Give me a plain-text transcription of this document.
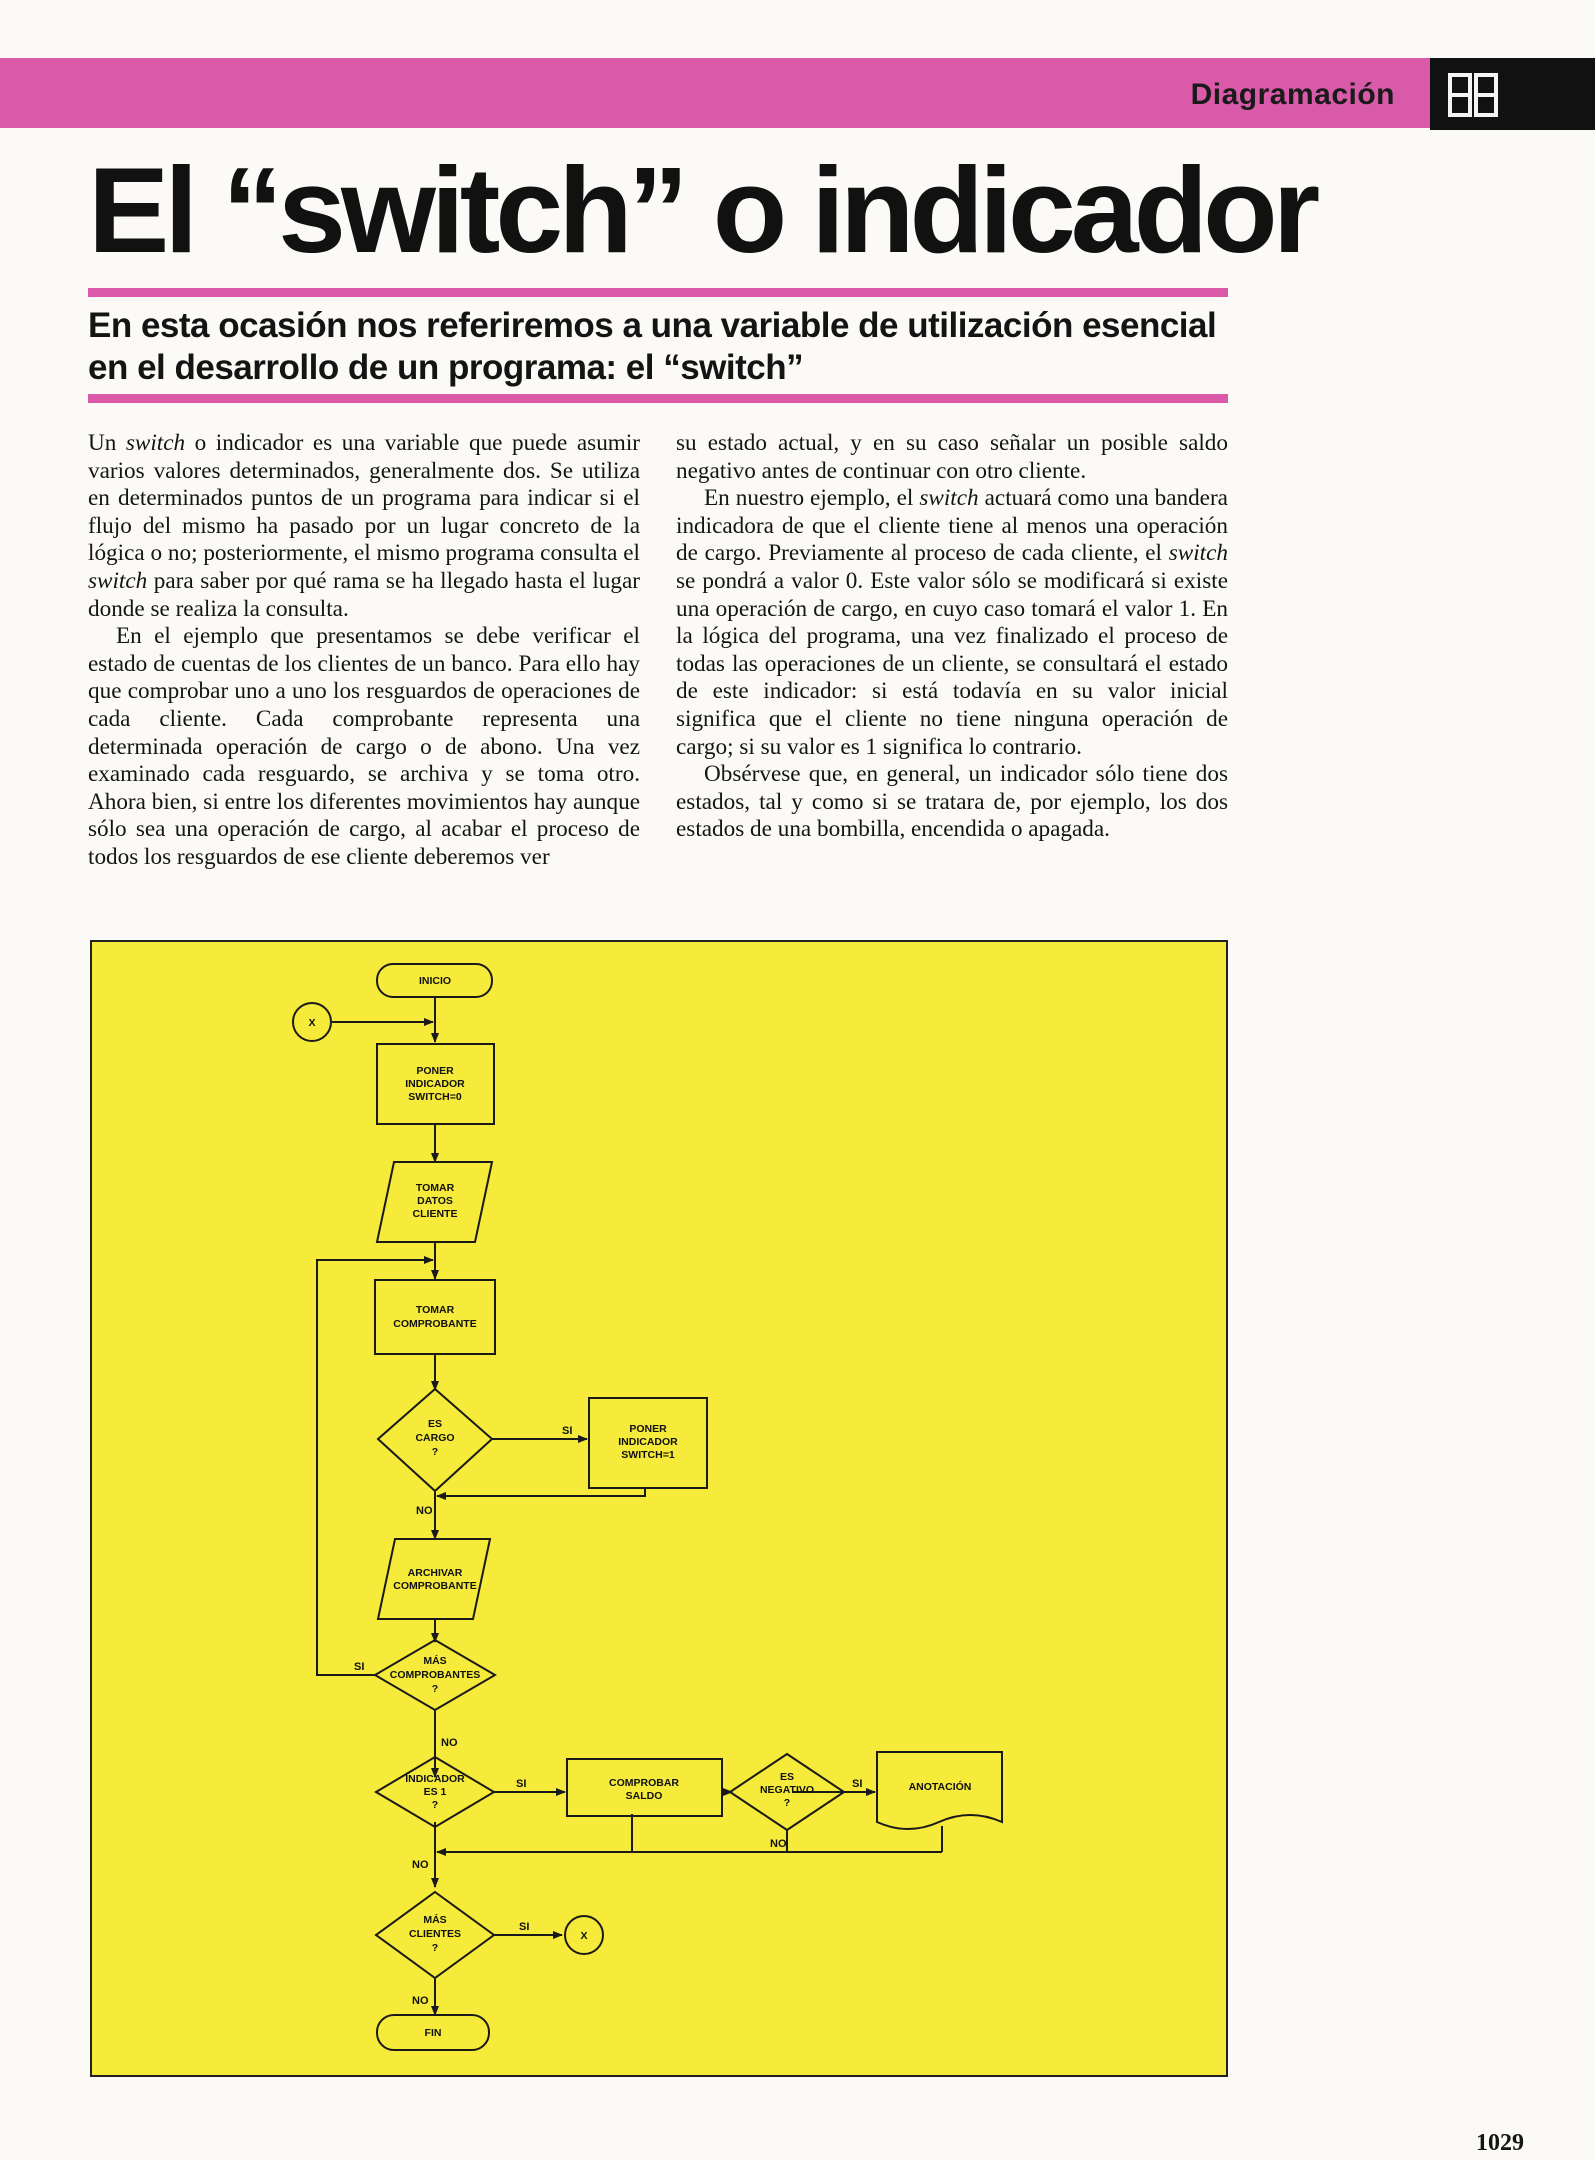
Diagramación
El “switch” o indicador
En esta ocasión nos referiremos a una variable de utilización esencial en el desarrollo de un programa: el “switch”

Un switch o indicador es una variable que puede asumir varios valores determinados, generalmente dos. Se utiliza en determinados puntos de un programa para indicar si el flujo del mismo ha pasado por un lugar concreto de la lógica o no; posteriormente, el mismo programa consulta el switch para saber por qué rama se ha llegado hasta el lugar donde se realiza la consulta.

En el ejemplo que presentamos se debe verificar el estado de cuentas de los clientes de un banco. Para ello hay que comprobar uno a uno los resguardos de operaciones de cada cliente. Cada comprobante representa una determinada operación de cargo o de abono. Una vez examinado cada resguardo, se archiva y se toma otro. Ahora bien, si entre los diferentes movimientos hay aunque sólo sea una operación de cargo, al acabar el proceso de todos los resguardos de ese cliente deberemos ver

su estado actual, y en su caso señalar un posible saldo negativo antes de continuar con otro cliente.

En nuestro ejemplo, el switch actuará como una bandera indicadora de que el cliente tiene al menos una operación de cargo. Previamente al proceso de cada cliente, el switch se pondrá a valor 0. Este valor sólo se modificará si existe una operación de cargo, en cuyo caso tomará el valor 1. En la lógica del programa, una vez finalizado el proceso de todas las operaciones de un cliente, se consultará el estado de este indicador: si está todavía en su valor inicial significa que el cliente no tiene ninguna operación de cargo; si su valor es 1 significa lo contrario.

Obsérvese que, en general, un indicador sólo tiene dos estados, tal y como si se tratara de, por ejemplo, los dos estados de una bombilla, encendida o apagada.

INICIO
X
PONER
INDICADOR
SWITCH=0
TOMAR
DATOS
CLIENTE
TOMAR
COMPROBANTE
ES
CARGO
?
SI	PONER
INDICADOR
SWITCH=1
NO
ARCHIVAR
COMPROBANTE
MÁS
COMPROBANTES
?
SI
NO
INDICADOR
ES 1
?
SI	COMPROBAR
SALDO
ES
NEGATIVO
?
SI
NO
ANOTACIÓN
NO
MÁS
CLIENTES
?
SI
X
NO
FIN
1029
